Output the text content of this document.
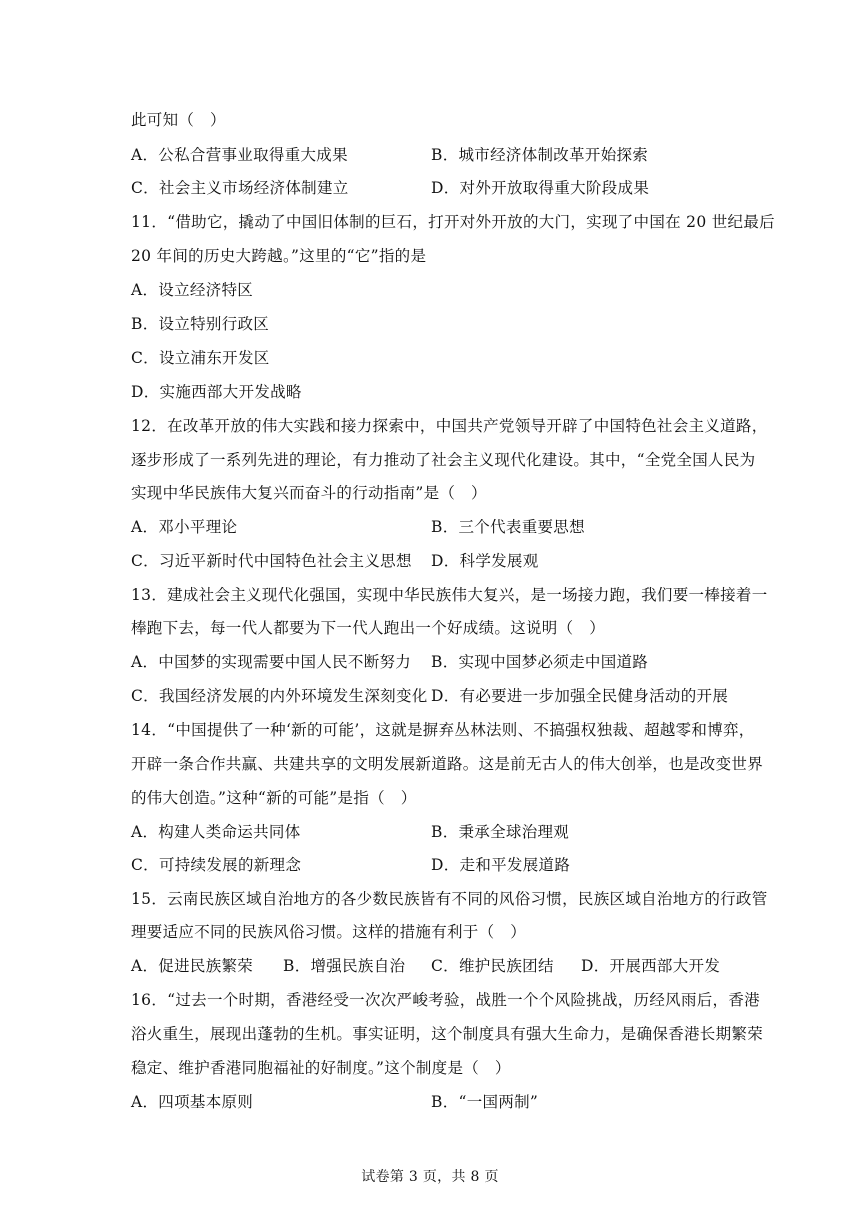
此可知（　）
A．公私合营事业取得重大成果	B．城市经济体制改革开始探索
C．社会主义市场经济体制建立	D．对外开放取得重大阶段成果
11．“借助它，撬动了中国旧体制的巨石，打开对外开放的大门，实现了中国在 20 世纪最后
20 年间的历史大跨越。”这里的“它”指的是
A．设立经济特区
B．设立特别行政区
C．设立浦东开发区
D．实施西部大开发战略
12．在改革开放的伟大实践和接力探索中，中国共产党领导开辟了中国特色社会主义道路，
逐步形成了一系列先进的理论，有力推动了社会主义现代化建设。其中，“全党全国人民为
实现中华民族伟大复兴而奋斗的行动指南”是（　）
A．邓小平理论	B．三个代表重要思想
C．习近平新时代中国特色社会主义思想 D．科学发展观
13．建成社会主义现代化强国，实现中华民族伟大复兴，是一场接力跑，我们要一棒接着一
棒跑下去，每一代人都要为下一代人跑出一个好成绩。这说明（　）
A．中国梦的实现需要中国人民不断努力 B．实现中国梦必须走中国道路
C．我国经济发展的内外环境发生深刻变化 D．有必要进一步加强全民健身活动的开展
14．“中国提供了一种‘新的可能’，这就是摒弃丛林法则、不搞强权独裁、超越零和博弈，
开辟一条合作共赢、共建共享的文明发展新道路。这是前无古人的伟大创举，也是改变世界
的伟大创造。”这种“新的可能”是指（　）
A．构建人类命运共同体	B．秉承全球治理观
C．可持续发展的新理念	D．走和平发展道路
15．云南民族区域自治地方的各少数民族皆有不同的风俗习惯，民族区域自治地方的行政管
理要适应不同的民族风俗习惯。这样的措施有利于（　）
A．促进民族繁荣 B．增强民族自治 C．维护民族团结 D．开展西部大开发
16．“过去一个时期，香港经受一次次严峻考验，战胜一个个风险挑战，历经风雨后，香港
浴火重生，展现出蓬勃的生机。事实证明，这个制度具有强大生命力，是确保香港长期繁荣
稳定、维护香港同胞福祉的好制度。”这个制度是（　）
A．四项基本原则	B．“一国两制”
试卷第 3 页，共 8 页
